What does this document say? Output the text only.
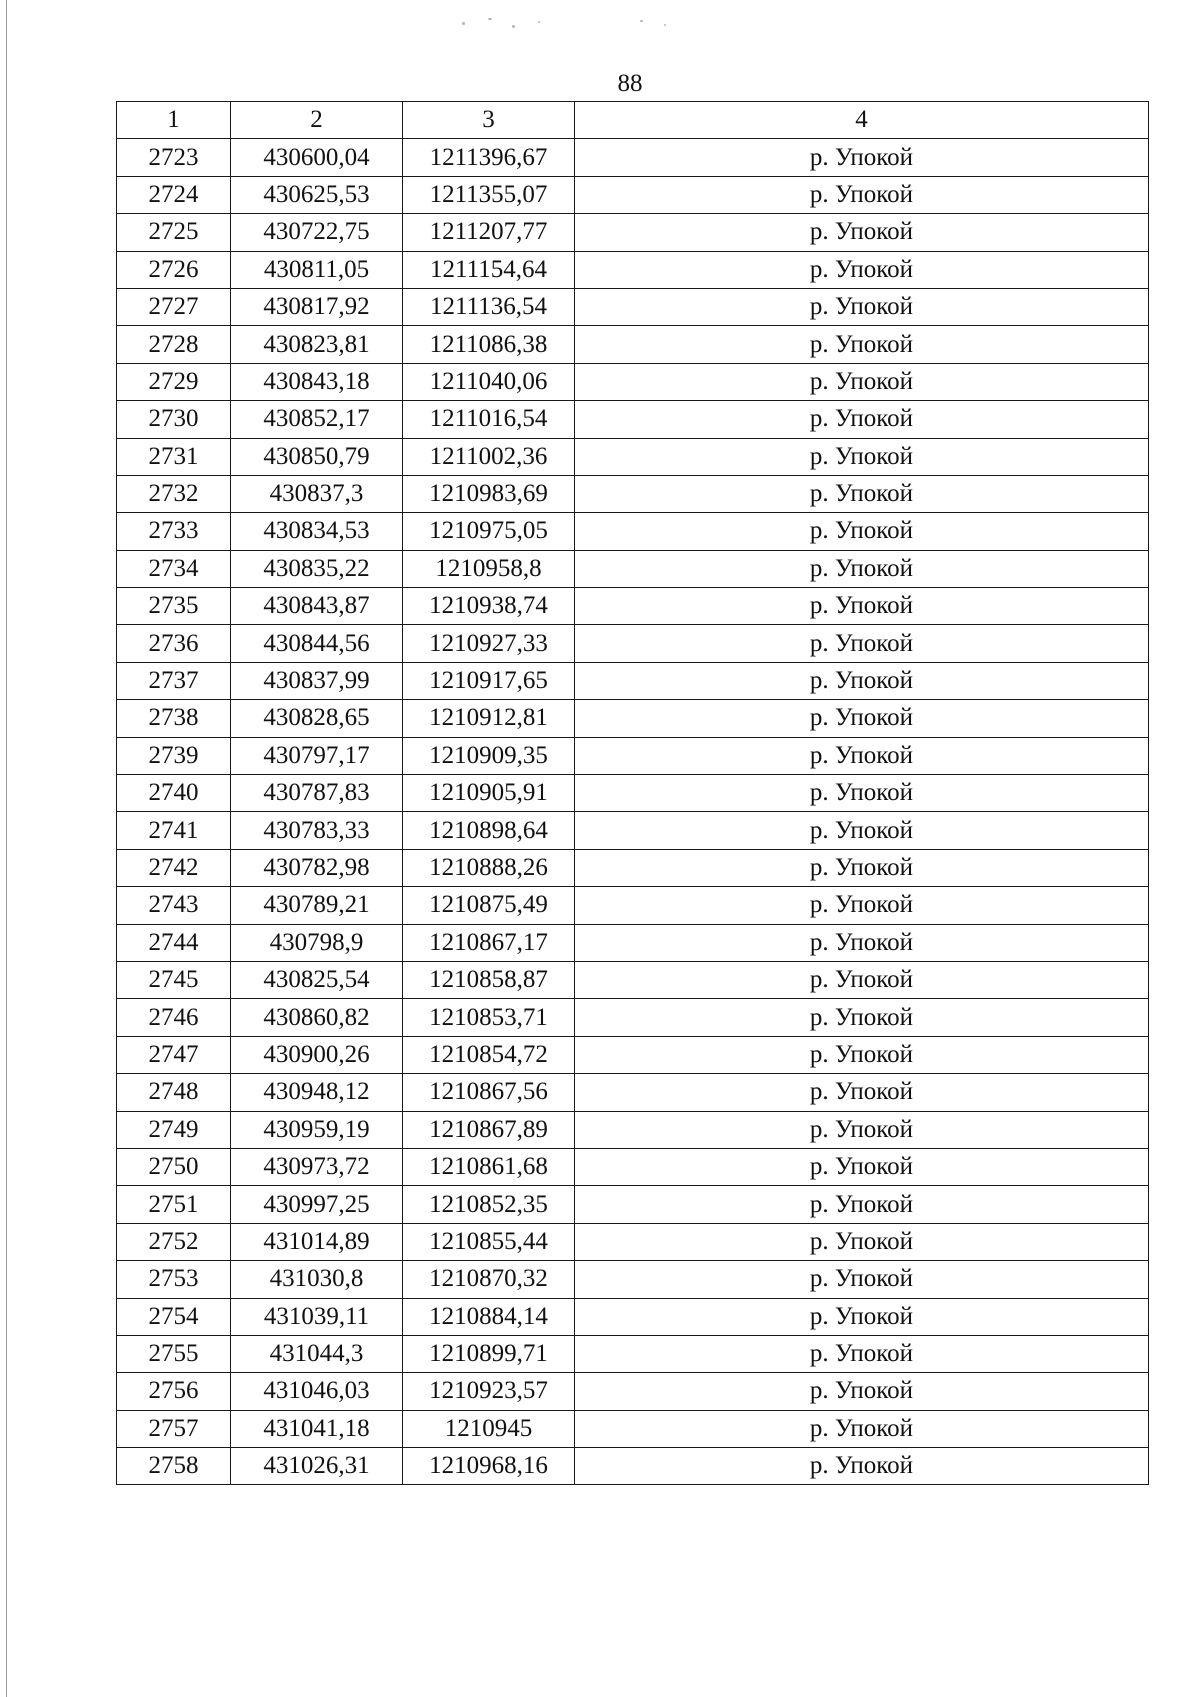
88
1	2	3	4
2723	430600,04	1211396,67	р. Упокой
2724	430625,53	1211355,07	р. Упокой
2725	430722,75	1211207,77	р. Упокой
2726	430811,05	1211154,64	р. Упокой
2727	430817,92	1211136,54	р. Упокой
2728	430823,81	1211086,38	р. Упокой
2729	430843,18	1211040,06	р. Упокой
2730	430852,17	1211016,54	р. Упокой
2731	430850,79	1211002,36	р. Упокой
2732	430837,3	1210983,69	р. Упокой
2733	430834,53	1210975,05	р. Упокой
2734	430835,22	1210958,8	р. Упокой
2735	430843,87	1210938,74	р. Упокой
2736	430844,56	1210927,33	р. Упокой
2737	430837,99	1210917,65	р. Упокой
2738	430828,65	1210912,81	р. Упокой
2739	430797,17	1210909,35	р. Упокой
2740	430787,83	1210905,91	р. Упокой
2741	430783,33	1210898,64	р. Упокой
2742	430782,98	1210888,26	р. Упокой
2743	430789,21	1210875,49	р. Упокой
2744	430798,9	1210867,17	р. Упокой
2745	430825,54	1210858,87	р. Упокой
2746	430860,82	1210853,71	р. Упокой
2747	430900,26	1210854,72	р. Упокой
2748	430948,12	1210867,56	р. Упокой
2749	430959,19	1210867,89	р. Упокой
2750	430973,72	1210861,68	р. Упокой
2751	430997,25	1210852,35	р. Упокой
2752	431014,89	1210855,44	р. Упокой
2753	431030,8	1210870,32	р. Упокой
2754	431039,11	1210884,14	р. Упокой
2755	431044,3	1210899,71	р. Упокой
2756	431046,03	1210923,57	р. Упокой
2757	431041,18	1210945	р. Упокой
2758	431026,31	1210968,16	р. Упокой
